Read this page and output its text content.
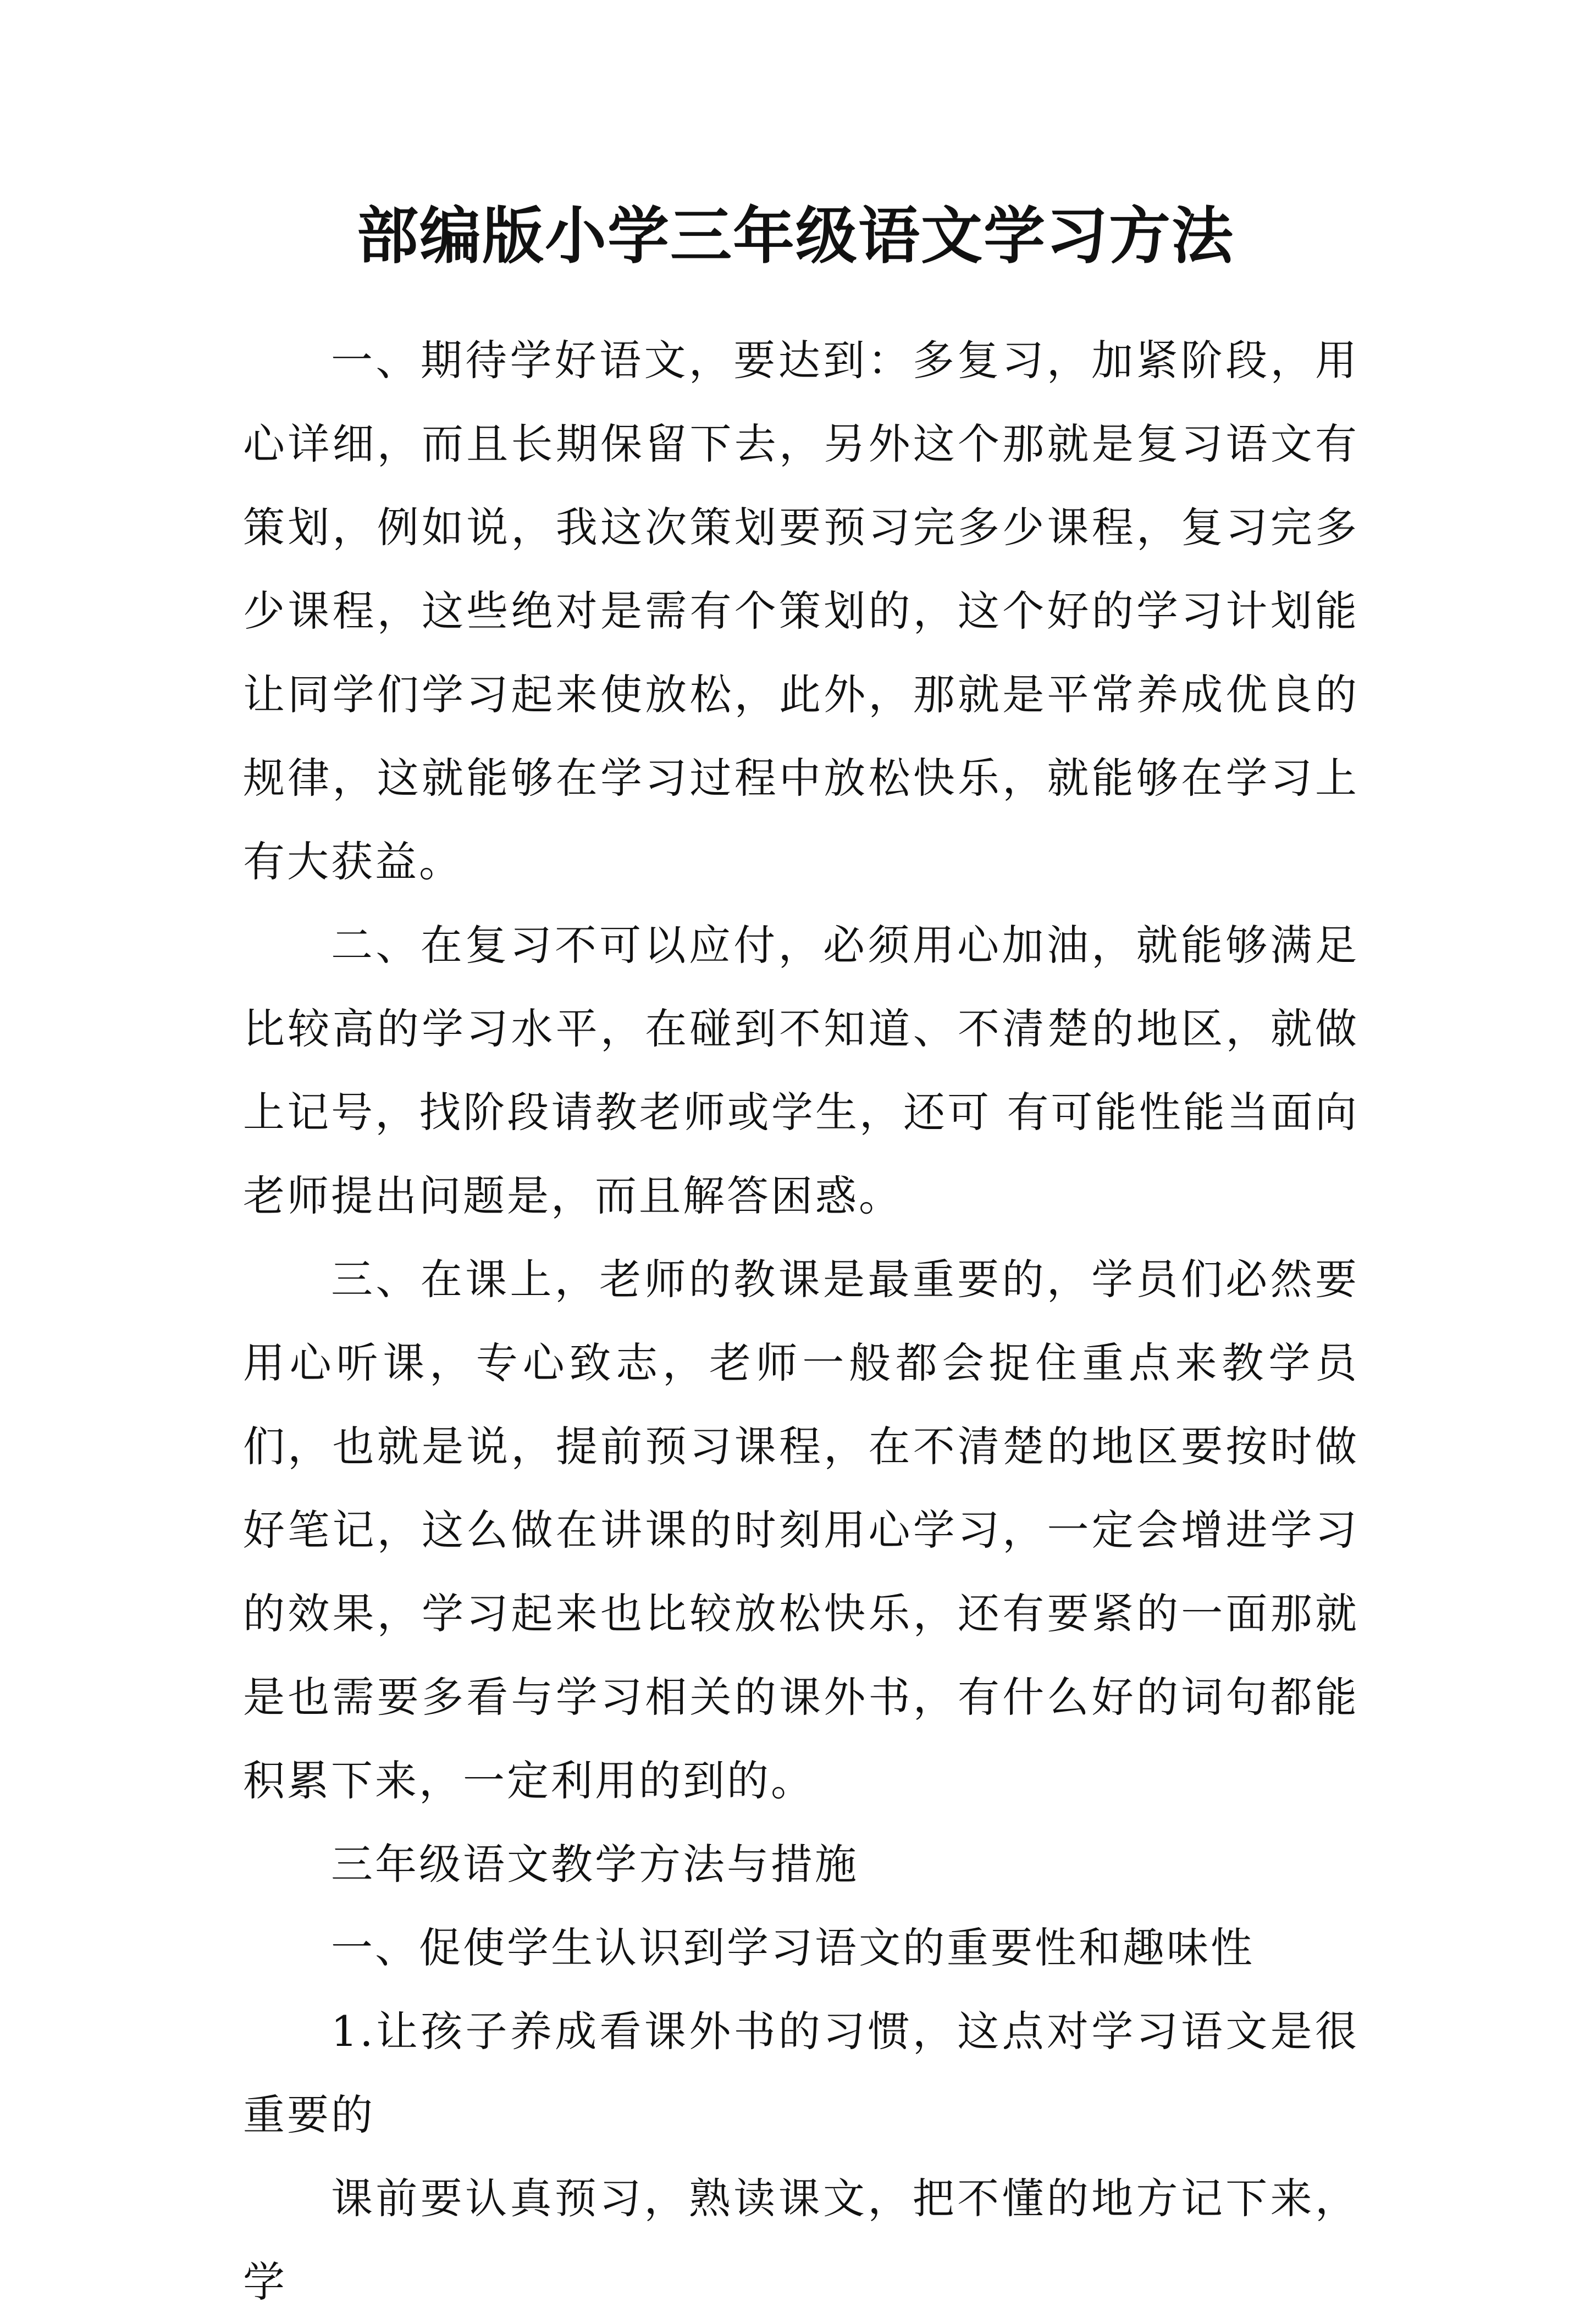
部编版小学三年级语文学习方法

一、期待学好语文，要达到：多复习，加紧阶段，用心详细，而且长期保留下去，另外这个那就是复习语文有策划，例如说，我这次策划要预习完多少课程，复习完多少课程，这些绝对是需有个策划的，这个好的学习计划能让同学们学习起来使放松，此外，那就是平常养成优良的规律，这就能够在学习过程中放松快乐，就能够在学习上有大获益。

二、在复习不可以应付，必须用心加油，就能够满足比较高的学习水平，在碰到不知道、不清楚的地区，就做上记号，找阶段请教老师或学生，还可 有可能性能当面向老师提出问题是，而且解答困惑。

三、在课上，老师的教课是最重要的，学员们必然要用心听课，专心致志，老师一般都会捉住重点来教学员们，也就是说，提前预习课程，在不清楚的地区要按时做好笔记，这么做在讲课的时刻用心学习，一定会增进学习的效果，学习起来也比较放松快乐，还有要紧的一面那就是也需要多看与学习相关的课外书，有什么好的词句都能积累下来，一定利用的到的。

三年级语文教学方法与措施

一、促使学生认识到学习语文的重要性和趣味性

1.让孩子养成看课外书的习惯，这点对学习语文是很重要的

课前要认真预习，熟读课文，把不懂的地方记下来，学
